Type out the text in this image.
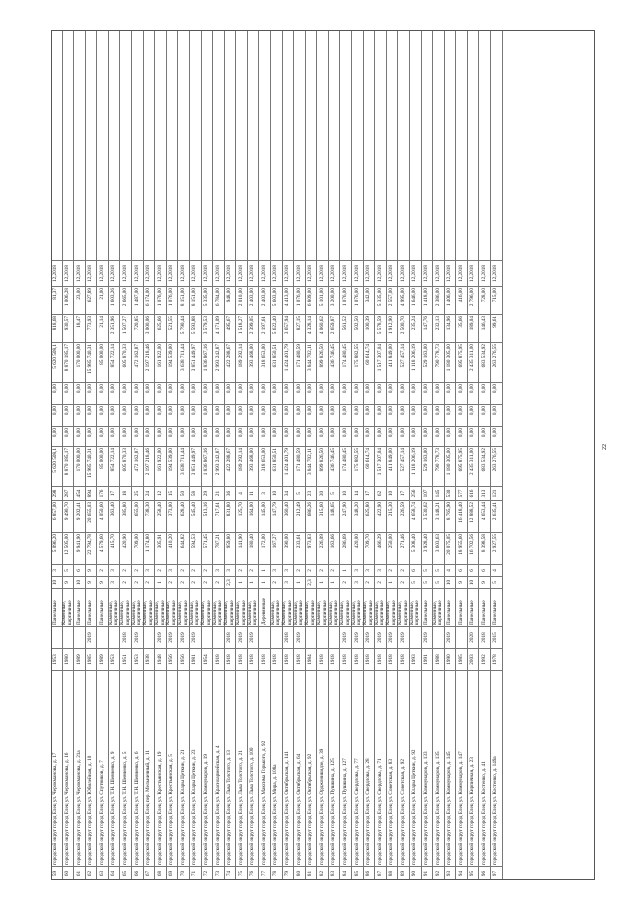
59
городской округ город Елец ул. Черокманова, д. 17
1953
Панельные
10
3
5 096,20
6 857,00
298
5 620 508,1
0,00
0,00
0,00
5 620 508,1
818,68
81,37
12,2018
60
городской округ город Елец ул. Черокманова, д. 16
1980
Каменные, кирпичные
9
5
12 505,00
9 490,70
287
8 870 185,17
0,00
0,00
0,00
8 870 185,17
930,57
1 006,28
12,2018
61
городской округ город Елец ул. Черокманова, д. 21а
1989
Панельные
10
6
9 941,90
9 202,41
454
170 000,00
0,00
0,00
0,00
170 000,00
18,47
23,00
12,2018
62
городской округ город Елец ул. Юбилейная, д. 10
1985
2019
Панельные
9
9
22 794,78
20 655,03
894
15 985 740,31
0,00
0,00
0,00
15 985 740,31
773,93
627,89
12,2018
63
городской округ город Елец ул. Спутников, д. 7
1989
Панельные
9
2
4 579,60
4 050,60
176
85 000,00
0,00
0,00
0,00
85 000,00
21,14
21,00
12,2018
64
городской округ город Елец ул. Т.Н. Шевченко, д. 9
1953
Каменные, кирпичные
3
3
415,70
363,40
17
854 722,14
0,00
0,00
0,00
854 722,14
2 351,96
1 603,26
12,2018
65
городской округ город Елец ул. Т.Н. Шевченко, д. 5
1951
2018
Каменные, кирпичные
2
2
420,90
385,80
18
605 870,33
0,00
0,00
0,00
605 870,33
1 507,27
2 665,00
12,2018
66
городской округ город Елец ул. Т.Н. Шевченко, д. 6
1953
2019
Каменные, кирпичные
2
2
709,00
655,00
25
472 162,87
0,00
0,00
0,00
472 162,87
720,85
1 487,00
12,2018
67
городской округ город Елец пер. Мельничный, д. 11
1938
Каменные, кирпичные
2
3
1 174,80
738,30
24
2 197 218,46
0,00
0,00
0,00
2 197 218,46
3 000,06
6 174,00
12,2018
68
городской округ город Елец ул. Крестьянская, д. 19
1948
2019
Каменные, кирпичные
1
2
305,91
258,40
12
161 922,00
0,00
0,00
0,00
161 922,00
625,66
1 076,00
12,2018
69
городской округ город Елец ул. Крестьянская, д. 5
1956
2019
Каменные, кирпичные
2
3
410,20
373,00
15
194 539,00
0,00
0,00
0,00
194 539,00
521,55
1 076,00
12,2018
70
городской округ город Елец ул. Клары Цеткин, д. 21
1956
2019
Каменные, кирпичные
2
2
644,82
628,40
50
3 638 711,44
0,00
0,00
0,00
3 638 711,44
5 790,44
8 151,00
12,2018
71
городской округ город Елец ул. Клары Цеткин, д. 23
1981
2019
Каменные, кирпичные
2
2
594,53
545,40
58
3 851 449,97
0,00
0,00
0,00
3 851 449,97
5 593,88
8 151,00
12,2018
72
городской округ город Елец ул. Коммунаров, д. 19
1954
Каменные, кирпичные
2
2
571,45
513,16
29
1 836 867,16
0,00
0,00
0,00
1 836 867,16
3 579,53
5 335,00
12,2018
73
городской округ город Елец ул. Красноармейская, д. 4
1918
Каменные, кирпичные
2
3
787,21
717,61
21
2 993 242,87
0,00
0,00
0,00
2 993 242,87
4 171,09
6 784,00
12,2018
74
городской округ город Елец ул. Льва Толстого, д. 13
1918
2018
Каменные, кирпичные
2,3
3
959,80
831,80
36
422 288,67
0,00
0,00
0,00
422 288,67
495,67
948,00
12,2018
75
городской округ город Елец ул. Льва Толстого, д. 21
1918
2019
Каменные, кирпичные
1
2
141,90
125,70
4
189 292,14
0,00
0,00
0,00
189 292,14
1 518,27
2 010,00
12,2018
76
городской округ город Елец ул. Льва Толстого, д. 100
1918
2019
Каменные, кирпичные
1
2
180,40
164,00
11
393 468,00
0,00
0,00
0,00
393 468,00
2 399,05
2 403,00
12,2018
77
городской округ город Елец ул. Максима Горького, д. 92
1918
Деревянные
1
1
172,00
145,00
3
318 653,00
0,00
0,00
0,00
318 653,00
2 197,61
2 403,00
12,2018
78
городской округ город Елец ул. Мира, д. 108а
1918
Каменные, кирпичные
2
3
167,27
147,79
10
631 850,51
0,00
0,00
0,00
631 850,51
5 622,40
5 603,00
12,2018
79
городской округ город Елец ул. Октябрьская, д. 141
1918
2018
Каменные, кирпичные
3
3
390,00
360,40
34
1 424 401,79
0,00
0,00
0,00
1 424 401,79
3 657,94
4 413,00
12,2018
80
городской округ город Елец ул. Октябрьская, д. 64
1918
2019
Каменные, кирпичные
1
2
233,61
212,49
5
171 480,59
0,00
0,00
0,00
171 480,59
827,15
1 076,00
12,2018
81
городской округ город Елец ул. Октябрьская, д. 92
1984
Каменные, кирпичные
2,3
2
973,83
686,26
23
3 844 702,11
0,00
0,00
0,00
3 844 702,11
4 328,14
6 809,00
12,2018
82
городской округ город Елец ул. Орджоникидзе, д. 39
1918
Каменные, кирпичные
1
2
226,09
315,60
30
899 826,50
0,00
0,00
0,00
899 826,50
4 060,62
5 101,00
12,2018
83
городской округ город Елец ул. Пушкина, д. 125
1918
Каменные, кирпичные
1
2
163,66
148,65
5
436 746,45
0,00
0,00
0,00
436 746,45
2 659,87
3 200,00
12,2018
84
городской округ город Елец ул. Пушкина, д. 127
1918
2019
Каменные, кирпичные
2
1
286,69
247,90
10
174 480,45
0,00
0,00
0,00
174 480,45
561,52
1 076,00
12,2018
85
городской округ город Елец ул. Свердлова, д. 77
1918
2019
Каменные, кирпичные
3
3
420,00
348,20
14
175 882,55
0,00
0,00
0,00
175 882,55
502,50
1 076,00
12,2018
86
городской округ город Елец ул. Свердлова, д. 28
1918
2019
Каменные, кирпичные
2
3
709,70
625,80
17
60 614,74
0,00
0,00
0,00
60 614,74
100,39
342,00
12,2018
87
городской округ город Елец ул. Свердлова, д. 71
1918
2019
Каменные, кирпичные
2
3
466,29
422,90
62
1 517 307,04
0,00
0,00
0,00
1 517 307,04
5 578,59
5 335,00
12,2018
88
городской округ город Елец ул. Советская, д. 83
1918
2019
Каменные, кирпичные
1
2
250,00
215,30
10
411 849,00
0,00
0,00
0,00
411 849,00
1 912,90
2 557,00
12,2018
89
городской округ город Елец ул. Советская, д. 92
1918
2019
Каменные, кирпичные
2
2
271,46
226,59
17
527 457,14
0,00
0,00
0,00
527 457,14
2 500,70
4 995,00
12,2018
90
городской округ город Елец ул. Клары Цеткин, д. 92
1993
Каменные, кирпичные
5
6
5 308,40
4 658,74
256
1 118 206,19
0,00
0,00
0,00
1 118 206,19
235,24
1 646,00
12,2018
91
городской округ город Елец ул. Коммунаров, д. 133
1991
2019
Панельные
5
5
3 928,40
3 530,62
107
529 163,00
0,00
0,00
0,00
529 163,00
147,76
1 418,00
12,2018
92
городской округ город Елец ул. Коммунаров, д. 135
1988
Каменные, кирпичные
5
5
3 603,63
3 148,21
145
790 778,73
0,00
0,00
0,00
790 778,73
232,13
2 386,00
12,2018
93
городской округ город Елец ул. Коммунаров, д. 145
1990
2019
Панельные
10
4
20 075,05
8 765,90
530
1 180 305,00
0,00
0,00
0,00
1 180 305,00
134,96
1 406,00
12,2018
94
городской округ город Елец ул. Коммунаров, д. 147
1985
Панельные
9
6
18 955,60
16 418,40
577
695 875,95
0,00
0,00
0,00
695 875,95
35,66
416,00
12,2018
95
городской округ город Елец ул. Кирпичная, д. 23
2003
2020
Панельные
10
6
16 702,56
12 888,52
616
2 435 311,00
0,00
0,00
0,00
2 435 311,00
189,04
2 796,00
12,2018
96
городской округ город Елец ул. Костенко, д. 41
1992
2018
Панельные
9
6
8 398,58
4 653,44
313
683 534,92
0,00
0,00
0,00
683 534,92
146,43
728,00
12,2018
97
городской округ город Елец ул. Костенко, д. 149а
1978
2015
Панельные
5
4
2 927,55
2 635,41
121
263 276,55
0,00
0,00
0,00
263 276,55
99,61
715,00
12,2018
22
